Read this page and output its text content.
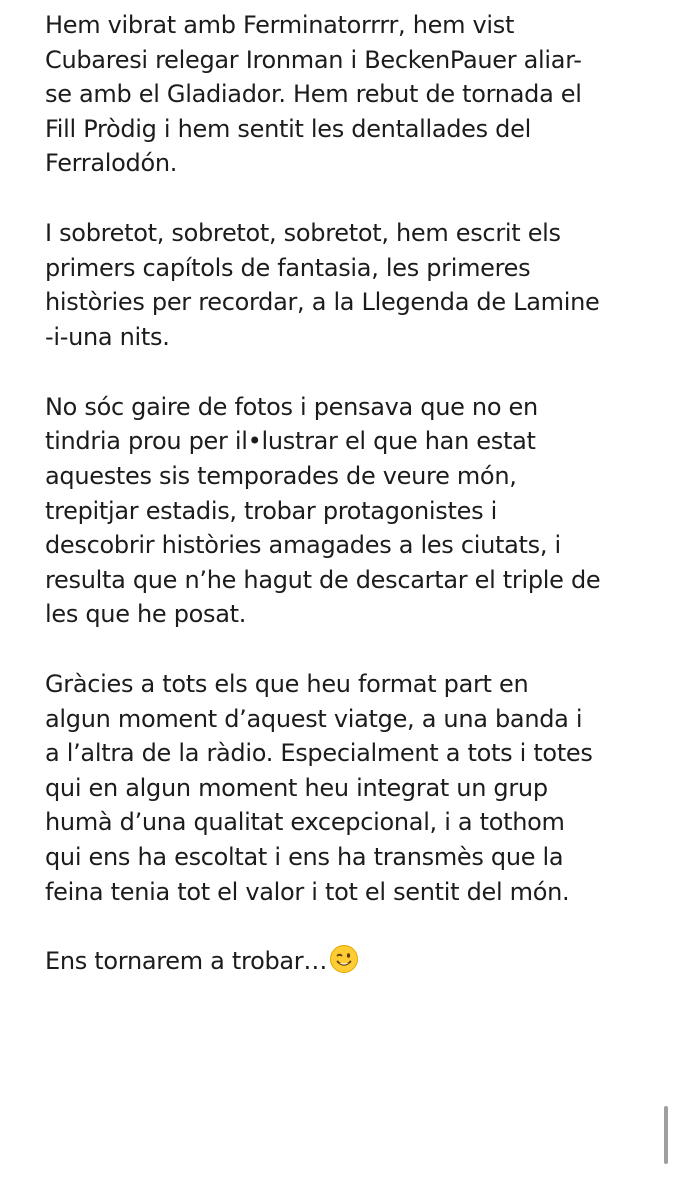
Hem vibrat amb Ferminatorrrr, hem vist
Cubaresi relegar Ironman i BeckenPauer aliar-
se amb el Gladiador. Hem rebut de tornada el
Fill Pròdig i hem sentit les dentallades del
Ferralodón.

I sobretot, sobretot, sobretot, hem escrit els
primers capítols de fantasia, les primeres
històries per recordar, a la Llegenda de Lamine
-i-una nits.

No sóc gaire de fotos i pensava que no en
tindria prou per il•lustrar el que han estat
aquestes sis temporades de veure món,
trepitjar estadis, trobar protagonistes i
descobrir històries amagades a les ciutats, i
resulta que n’he hagut de descartar el triple de
les que he posat.

Gràcies a tots els que heu format part en
algun moment d’aquest viatge, a una banda i
a l’altra de la ràdio. Especialment a tots i totes
qui en algun moment heu integrat un grup
humà d’una qualitat excepcional, i a tothom
qui ens ha escoltat i ens ha transmès que la
feina tenia tot el valor i tot el sentit del món.

Ens tornarem a trobar…
